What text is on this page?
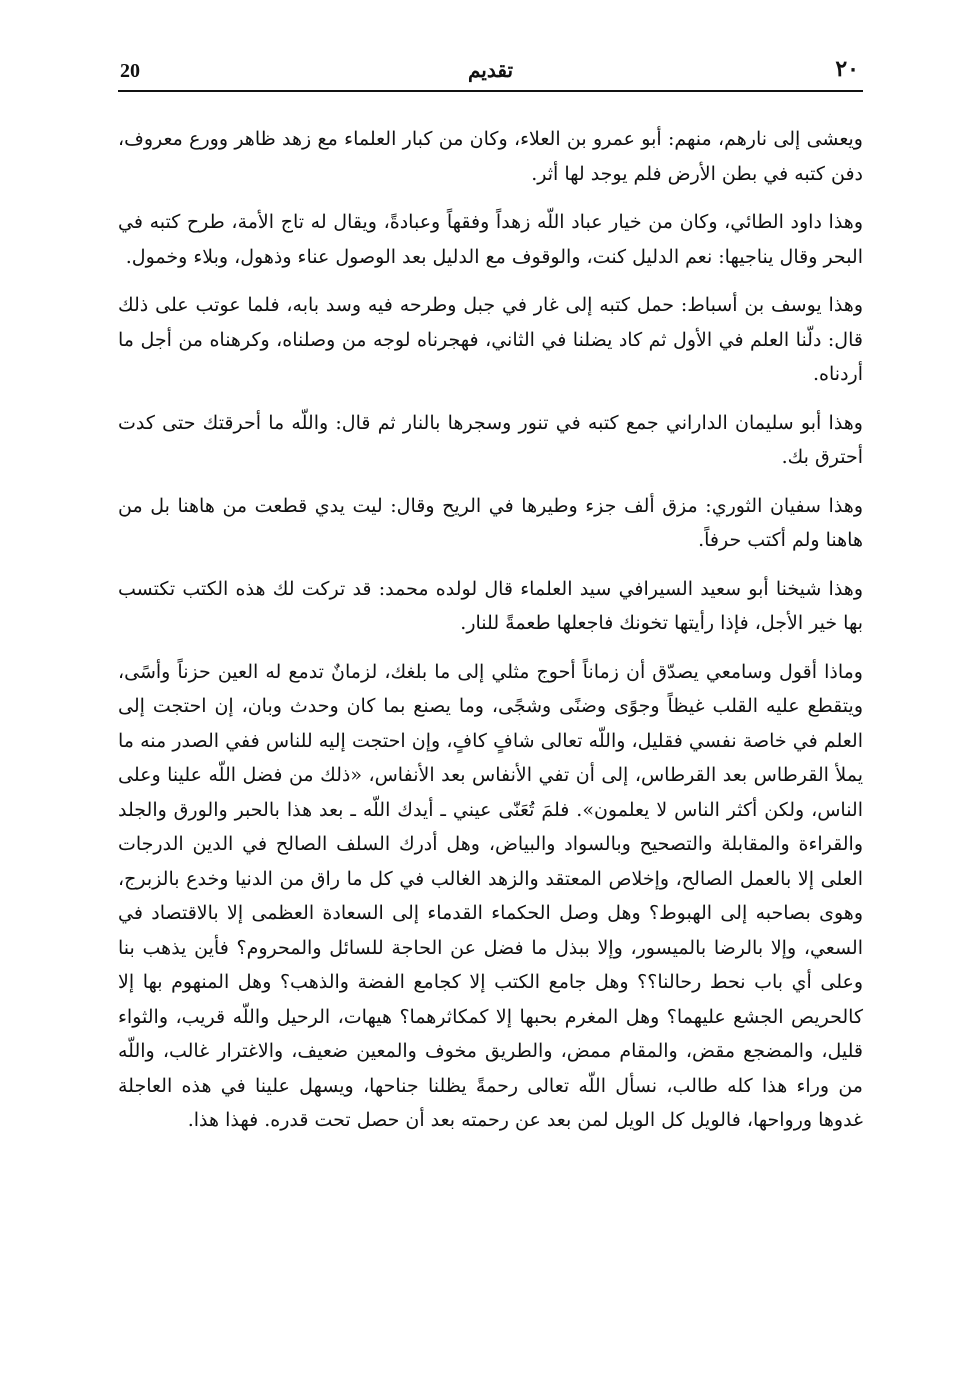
20	تقديم	٢٠

ويعشى إلى نارهم، منهم: أبو عمرو بن العلاء، وكان من كبار العلماء مع زهد ظاهر وورع معروف، دفن كتبه في بطن الأرض فلم يوجد لها أثر.

وهذا داود الطائي، وكان من خيار عباد اللّه زهداً وفقهاً وعبادةً، ويقال له تاج الأمة، طرح كتبه في البحر وقال يناجيها: نعم الدليل كنت، والوقوف مع الدليل بعد الوصول عناء وذهول، وبلاء وخمول.

وهذا يوسف بن أسباط: حمل كتبه إلى غار في جبل وطرحه فيه وسد بابه، فلما عوتب على ذلك قال: دلّنا العلم في الأول ثم كاد يضلنا في الثاني، فهجرناه لوجه من وصلناه، وكرهناه من أجل ما أردناه.

وهذا أبو سليمان الداراني جمع كتبه في تنور وسجرها بالنار ثم قال: واللّه ما أحرقتك حتى كدت أحترق بك.

وهذا سفيان الثوري: مزق ألف جزء وطيرها في الريح وقال: ليت يدي قطعت من هاهنا بل من هاهنا ولم أكتب حرفاً.

وهذا شيخنا أبو سعيد السيرافي سيد العلماء قال لولده محمد: قد تركت لك هذه الكتب تكتسب بها خير الأجل، فإذا رأيتها تخونك فاجعلها طعمةً للنار.

وماذا أقول وسامعي يصدّق أن زماناً أحوج مثلي إلى ما بلغك، لزمانٌ تدمع له العين حزناً وأسًى، ويتقطع عليه القلب غيظاً وجوًى وضنًى وشجًى، وما يصنع بما كان وحدث وبان، إن احتجت إلى العلم في خاصة نفسي فقليل، واللّه تعالى شافٍ كافٍ، وإن احتجت إليه للناس ففي الصدر منه ما يملأ القرطاس بعد القرطاس، إلى أن تفي الأنفاس بعد الأنفاس، «ذلك من فضل اللّه علينا وعلى الناس، ولكن أكثر الناس لا يعلمون». فلمَ تُعَنّى عيني ـ أيدك اللّه ـ بعد هذا بالحبر والورق والجلد والقراءة والمقابلة والتصحيح وبالسواد والبياض، وهل أدرك السلف الصالح في الدين الدرجات العلى إلا بالعمل الصالح، وإخلاص المعتقد والزهد الغالب في كل ما راق من الدنيا وخدع بالزبرج، وهوى بصاحبه إلى الهبوط؟ وهل وصل الحكماء القدماء إلى السعادة العظمى إلا بالاقتصاد في السعي، وإلا بالرضا بالميسور، وإلا ببذل ما فضل عن الحاجة للسائل والمحروم؟ فأين يذهب بنا وعلى أي باب نحط رحالنا؟؟ وهل جامع الكتب إلا كجامع الفضة والذهب؟ وهل المنهوم بها إلا كالحريص الجشع عليهما؟ وهل المغرم بحبها إلا كمكاثرهما؟ هيهات، الرحيل واللّه قريب، والثواء قليل، والمضجع مقض، والمقام ممض، والطريق مخوف والمعين ضعيف، والاغترار غالب، واللّه من وراء هذا كله طالب، نسأل اللّه تعالى رحمةً يظلنا جناحها، ويسهل علينا في هذه العاجلة غدوها ورواحها، فالويل كل الويل لمن بعد عن رحمته بعد أن حصل تحت قدره. فهذا هذا.
